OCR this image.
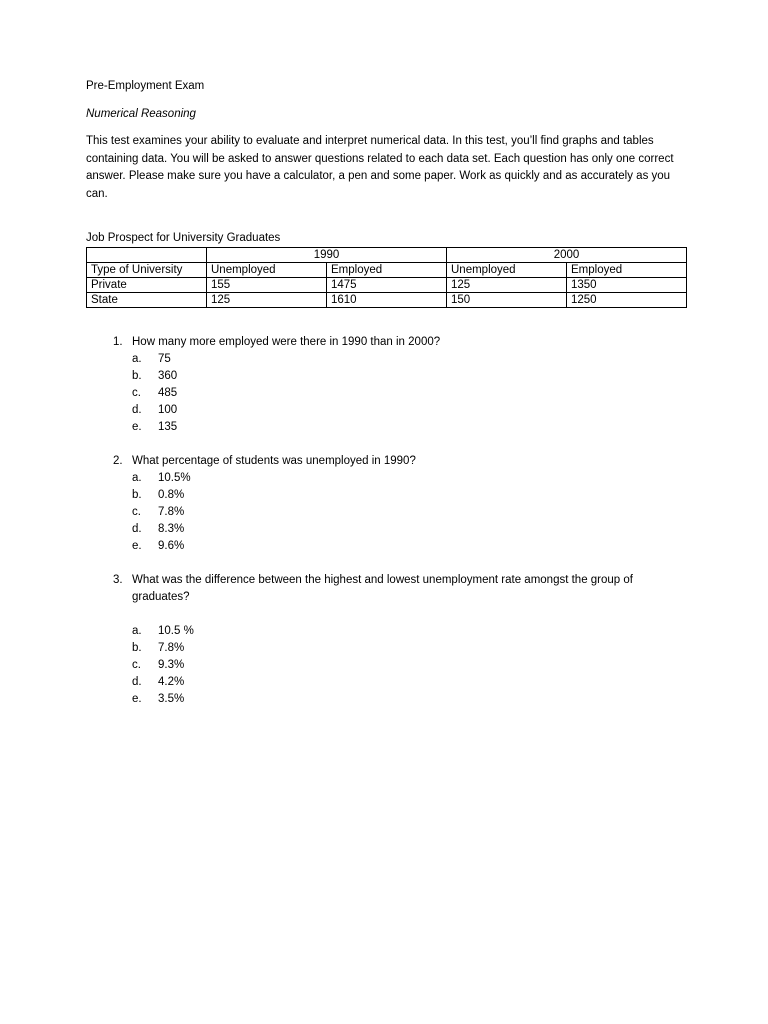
Pre-Employment Exam

Numerical Reasoning

This test examines your ability to evaluate and interpret numerical data. In this test, you’ll find graphs and tables containing data. You will be asked to answer questions related to each data set. Each question has only one correct answer. Please make sure you have a calculator, a pen and some paper. Work as quickly and as accurately as you can.

Job Prospect for University Graduates

	1990		2000	
Type of University	Unemployed	Employed	Unemployed	Employed
Private	155	1475	125	1350
State	125	1610	150	1250
1. How many more employed were there in 1990 than in 2000?
a. 75
b. 360
c. 485
d. 100
e. 135
2. What percentage of students was unemployed in 1990?
a. 10.5%
b. 0.8%
c. 7.8%
d. 8.3%
e. 9.6%
3. What was the difference between the highest and lowest unemployment rate amongst the group of graduates?
a. 10.5 %
b. 7.8%
c. 9.3%
d. 4.2%
e. 3.5%
